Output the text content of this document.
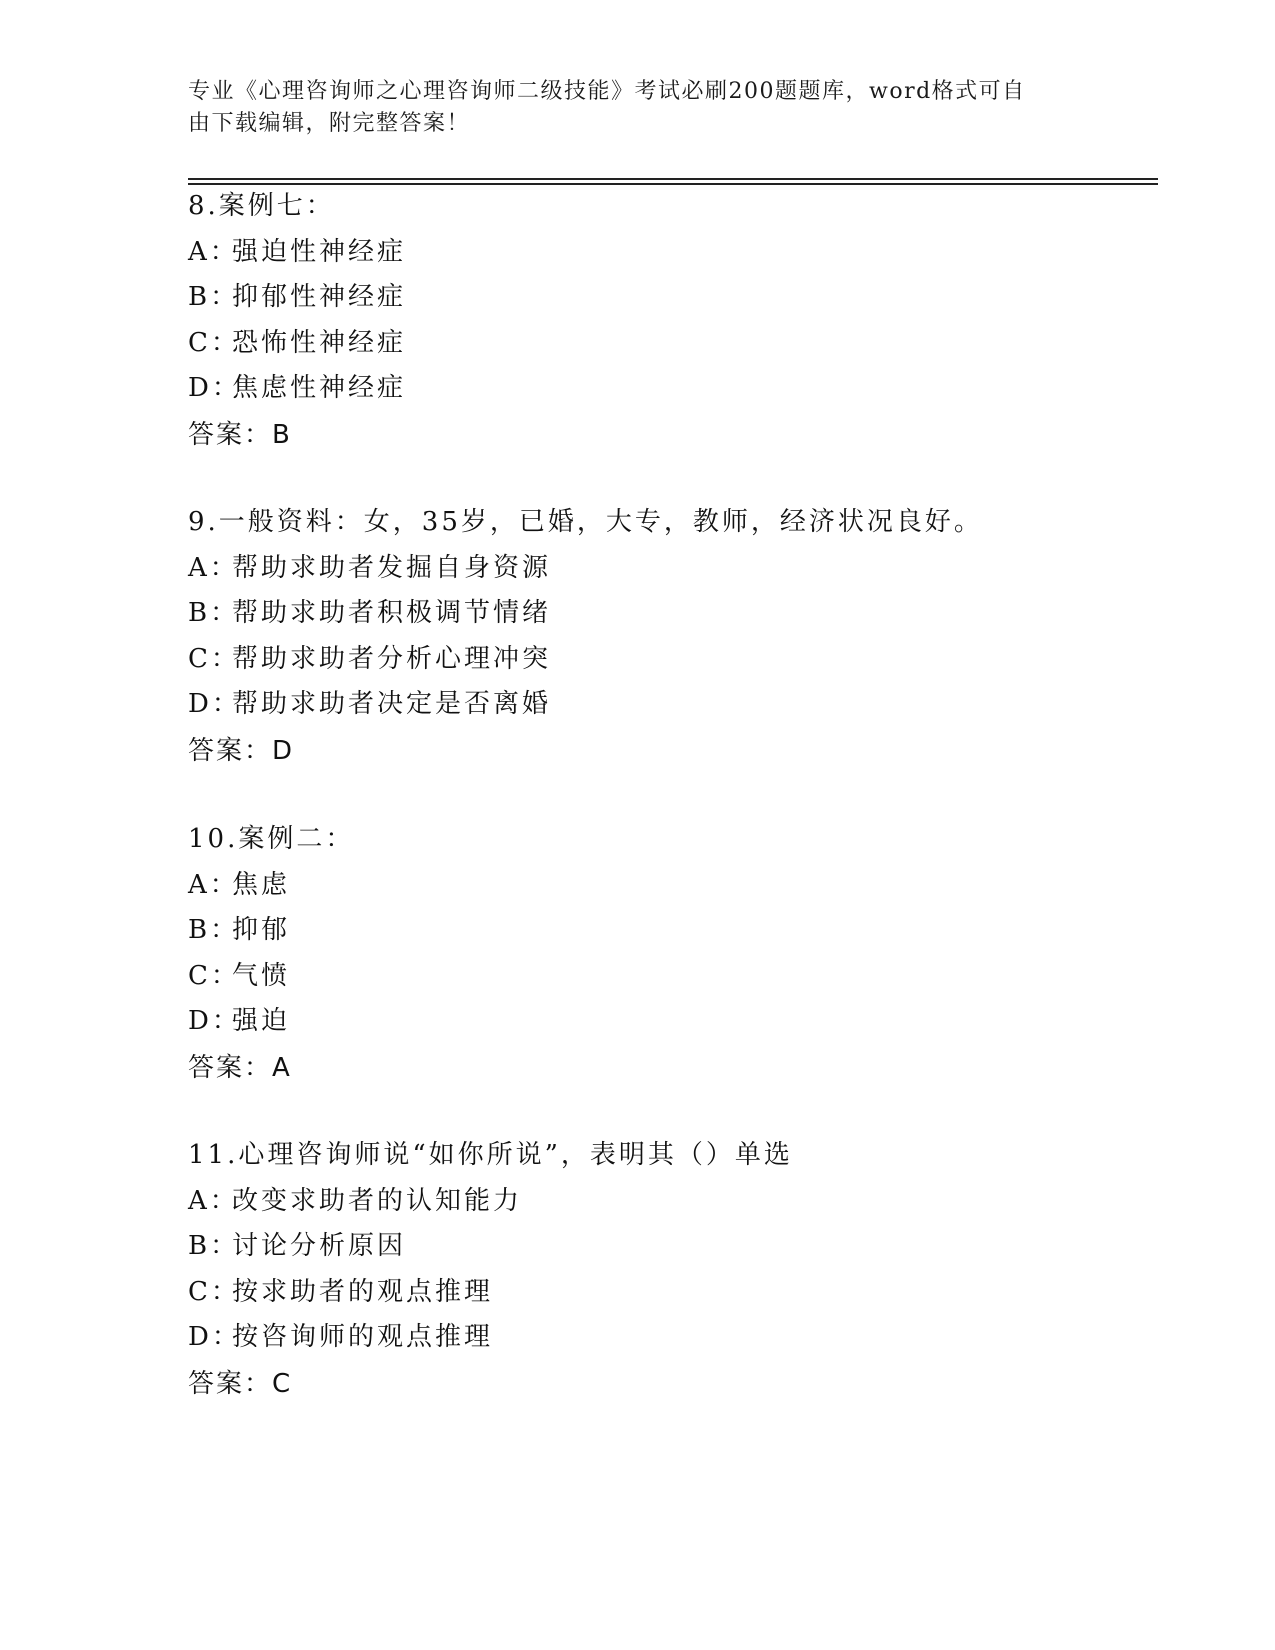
专业《心理咨询师之心理咨询师二级技能》考试必刷200题题库，word格式可自
由下载编辑，附完整答案！
8.案例七：
A：强迫性神经症
B：抑郁性神经症
C：恐怖性神经症
D：焦虑性神经症
答案：B
9.一般资料：女，35岁，已婚，大专，教师，经济状况良好。
A：帮助求助者发掘自身资源
B：帮助求助者积极调节情绪
C：帮助求助者分析心理冲突
D：帮助求助者决定是否离婚
答案：D
10.案例二：
A：焦虑
B：抑郁
C：气愤
D：强迫
答案：A
11.心理咨询师说“如你所说”，表明其（）单选
A：改变求助者的认知能力
B：讨论分析原因
C：按求助者的观点推理
D：按咨询师的观点推理
答案：C
